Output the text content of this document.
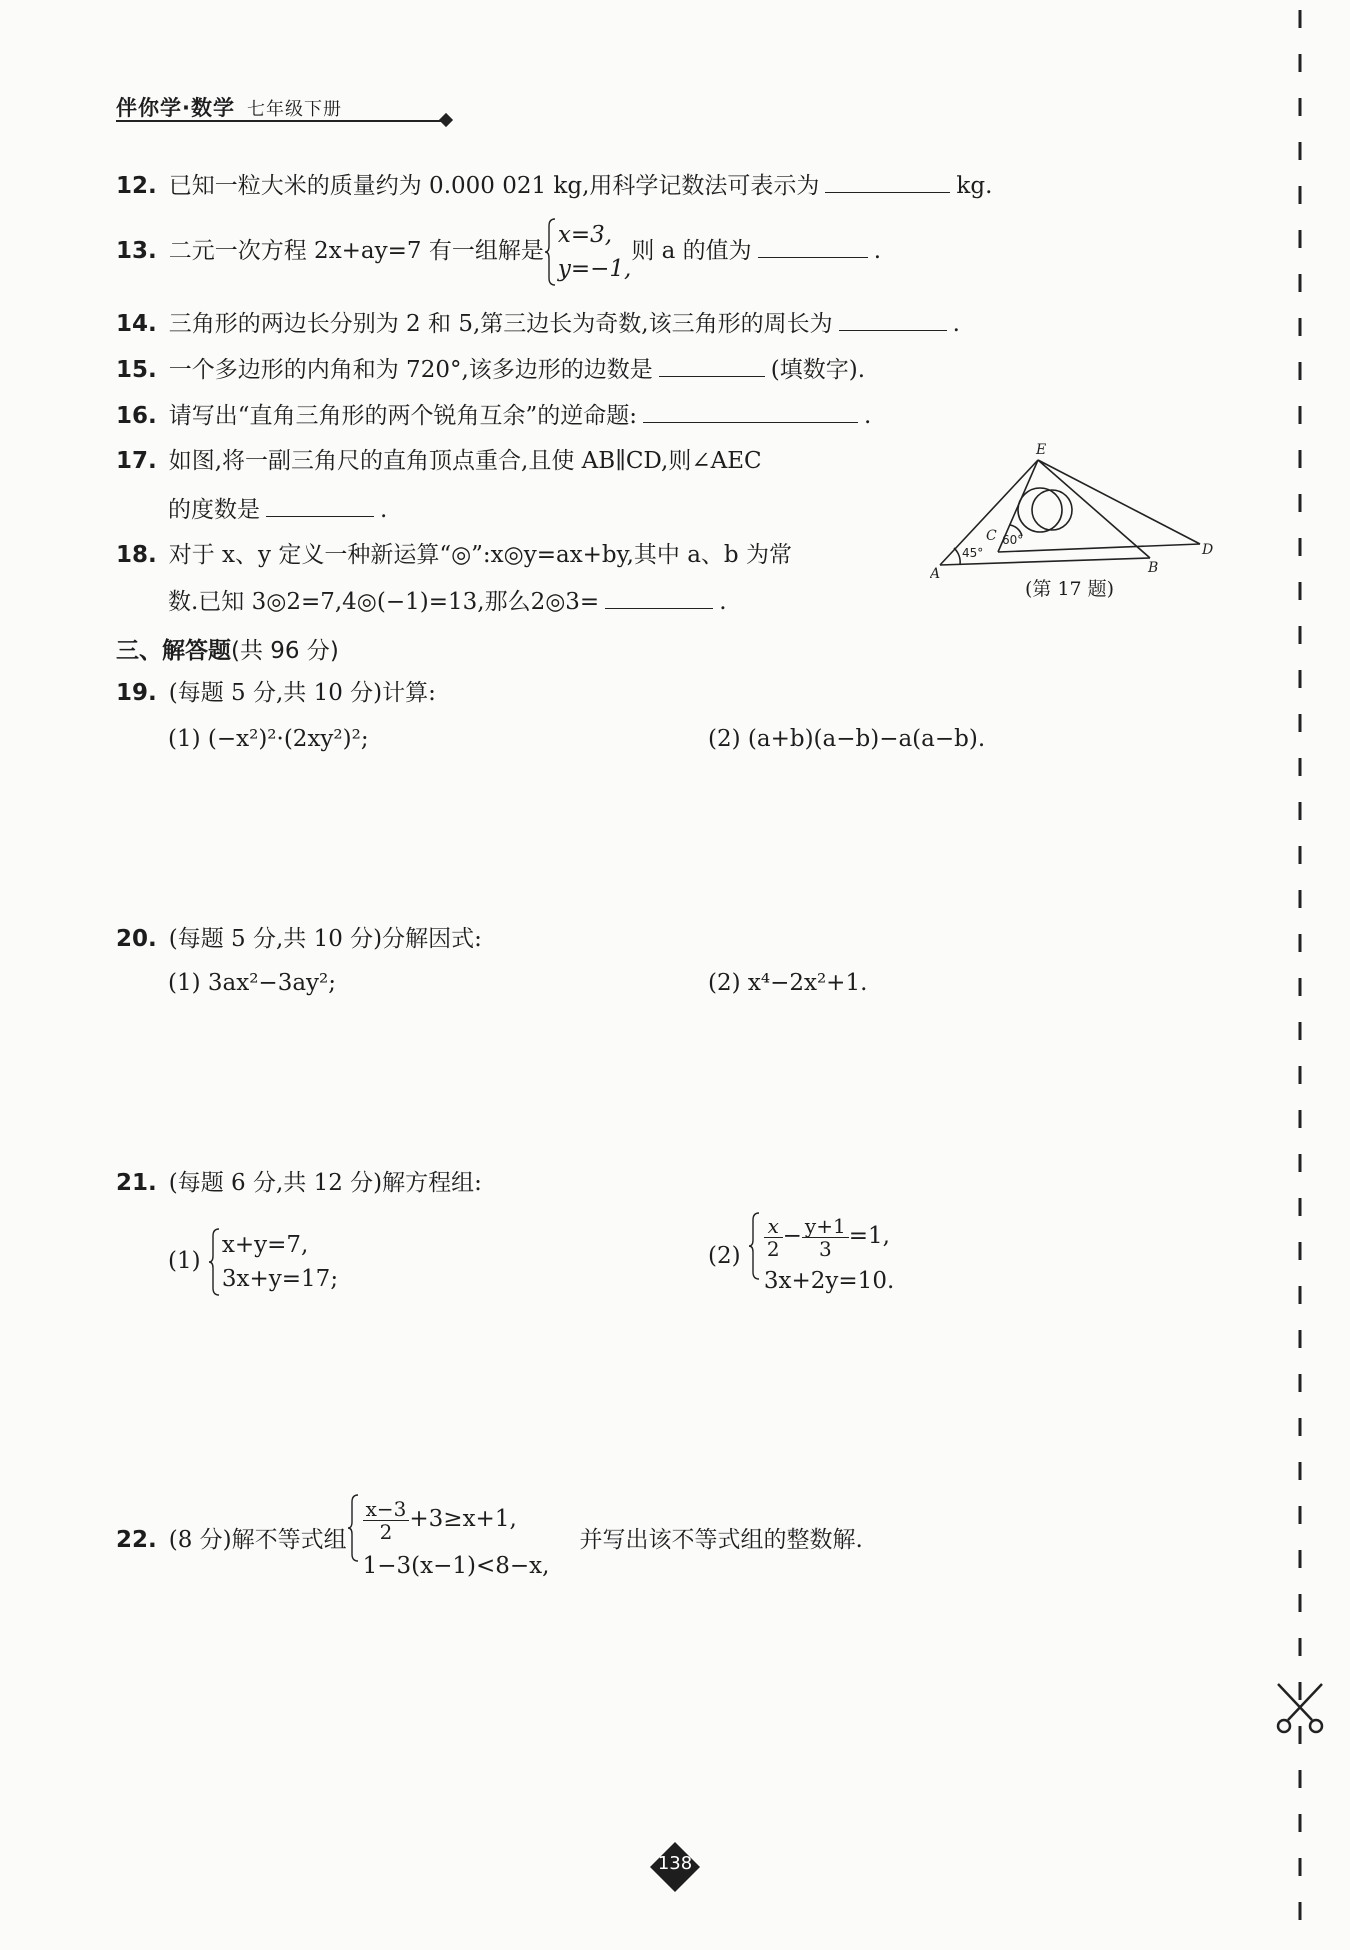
伴你学·数学 七年级下册
12. 已知一粒大米的质量约为 0.000 021 kg,用科学记数法可表示为	kg.
13. 二元一次方程 2x+ay=7 有一组解是
x=3,
y=−1,
则 a 的值为	.
14. 三角形的两边长分别为 2 和 5,第三边长为奇数,该三角形的周长为	.
15. 一个多边形的内角和为 720°,该多边形的边数是	(填数字).
16. 请写出“直角三角形的两个锐角互余”的逆命题:	.
17. 如图,将一副三角尺的直角顶点重合,且使 AB∥CD,则∠AEC
的度数是	.
E
C
A	B
D
45°
60°
(第 17 题)
18. 对于 x、y 定义一种新运算“◎”:x◎y=ax+by,其中 a、b 为常
数.已知 3◎2=7,4◎(−1)=13,那么2◎3=	.
三、解答题(共 96 分)
19. (每题 5 分,共 10 分)计算:
(1) (−x²)²·(2xy²)²;	(2) (a+b)(a−b)−a(a−b).
20. (每题 5 分,共 10 分)分解因式:
(1) 3ax²−3ay²;	(2) x⁴−2x²+1.
21. (每题 6 分,共 12 分)解方程组:
(1)
x+y=7,
3x+y=17;
$(2) \frac{x}{2} - \frac{y+1}{3} =1$,
3x+2y=10.
22. (8 分)解不等式组 $\frac{x-3}{2} +3\ge x+1$,
1−3(x−1)<8−x,
并写出该不等式组的整数解.
138
